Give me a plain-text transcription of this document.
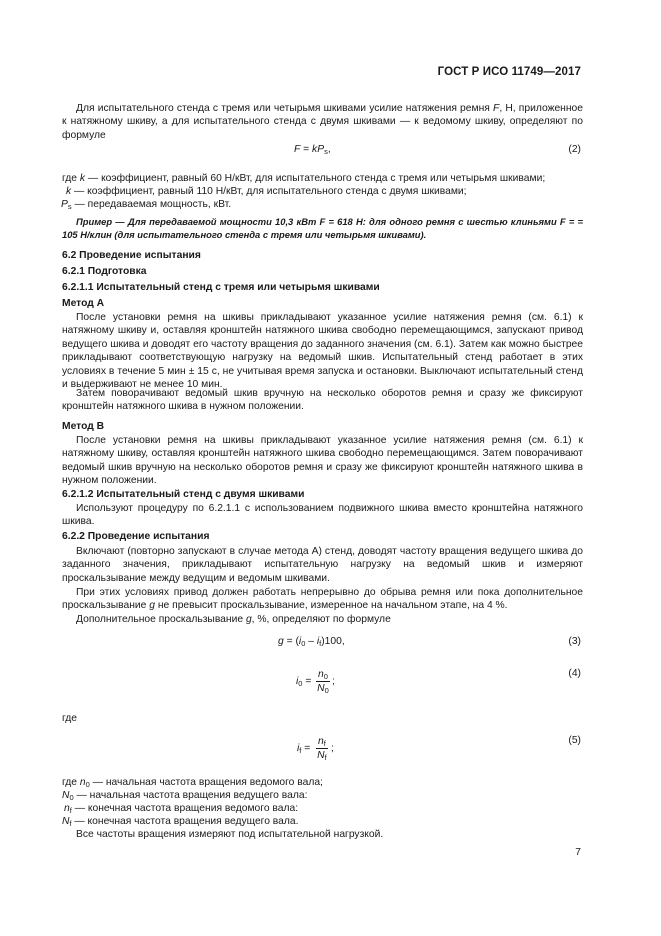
ГОСТ Р ИСО 11749—2017

Для испытательного стенда с тремя или четырьмя шкивами усилие натяжения ремня F, Н, приложенное к натяжному шкиву, а для испытательного стенда с двумя шкивами — к ведомому шкиву, определяют по формуле

$F = kP_s$,	(2)
где k — коэффициент, равный 60 Н/кВт, для испытательного стенда с тремя или четырьмя шкивами;
k — коэффициент, равный 110 Н/кВт, для испытательного стенда с двумя шкивами;
$P_s$ — передаваемая мощность, кВт.

Пример — Для передаваемой мощности 10,3 кВт F = 618 Н: для одного ремня с шестью клиньями F = = 105 Н/клин (для испытательного стенда с тремя или четырьмя шкивами).

6.2 Проведение испытания
6.2.1 Подготовка
6.2.1.1 Испытательный стенд с тремя или четырьмя шкивами
Метод А

После установки ремня на шкивы прикладывают указанное усилие натяжения ремня (см. 6.1) к натяжному шкиву и, оставляя кронштейн натяжного шкива свободно перемещающимся, запускают привод ведущего шкива и доводят его частоту вращения до заданного значения (см. 6.1). Затем как можно быстрее прикладывают соответствующую нагрузку на ведомый шкив. Испытательный стенд работает в этих условиях в течение 5 мин ± 15 с, не учитывая время запуска и остановки. Выключают испытательный стенд и выдерживают не менее 10 мин.

Затем поворачивают ведомый шкив вручную на несколько оборотов ремня и сразу же фиксируют кронштейн натяжного шкива в нужном положении.

Метод В

После установки ремня на шкивы прикладывают указанное усилие натяжения ремня (см. 6.1) к натяжному шкиву, оставляя кронштейн натяжного шкива свободно перемещающимся. Затем поворачивают ведомый шкив вручную на несколько оборотов ремня и сразу же фиксируют кронштейн натяжного шкива в нужном положении.

6.2.1.2 Испытательный стенд с двумя шкивами

Используют процедуру по 6.2.1.1 с использованием подвижного шкива вместо кронштейна натяжного шкива.

6.2.2 Проведение испытания

Включают (повторно запускают в случае метода А) стенд, доводят частоту вращения ведущего шкива до заданного значения, прикладывают испытательную нагрузку на ведомый шкив и измеряют проскальзывание между ведущим и ведомым шкивами.

При этих условиях привод должен работать непрерывно до обрыва ремня или пока дополнительное проскальзывание g не превысит проскальзывание, измеренное на начальном этапе, на 4 %.

Дополнительное проскальзывание g, %, определяют по формуле

$g = (i_0 - i_f)100$,	(3)
$i_0 = \frac{n_0}{N_0}$ ;
(4)
где
$i_f = \frac{n_f}{N_f}$ ;
(5)
где $n_0$ — начальная частота вращения ведомого вала;
$N_0$ — начальная частота вращения ведущего вала:
$n_f$ — конечная частота вращения ведомого вала:
$N_f$ — конечная частота вращения ведущего вала.
Все частоты вращения измеряют под испытательной нагрузкой.
7
